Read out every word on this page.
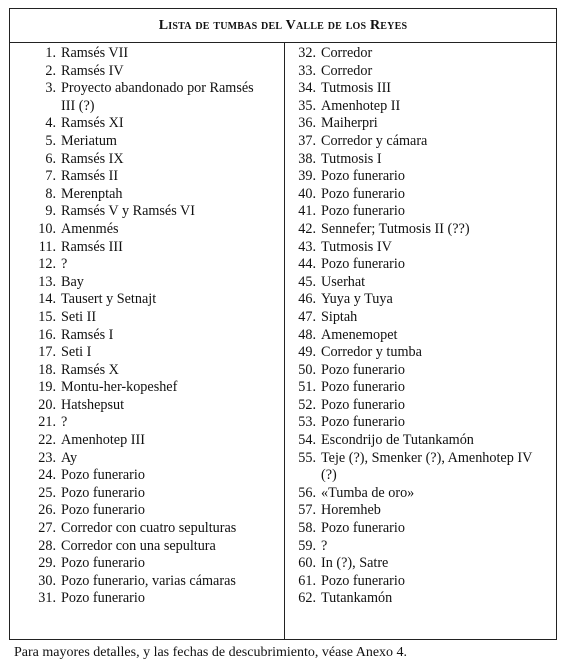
Lista de tumbas del Valle de los Reyes
1. Ramsés VII
2. Ramsés IV
3. Proyecto abandonado por Ramsés III (?)
4. Ramsés XI
5. Meriatum
6. Ramsés IX
7. Ramsés II
8. Merenptah
9. Ramsés V y Ramsés VI
10. Amenmés
11. Ramsés III
12. ?
13. Bay
14. Tausert y Setnajt
15. Seti II
16. Ramsés I
17. Seti I
18. Ramsés X
19. Montu-her-kopeshef
20. Hatshepsut
21. ?
22. Amenhotep III
23. Ay
24. Pozo funerario
25. Pozo funerario
26. Pozo funerario
27. Corredor con cuatro sepulturas
28. Corredor con una sepultura
29. Pozo funerario
30. Pozo funerario, varias cámaras
31. Pozo funerario
32. Corredor
33. Corredor
34. Tutmosis III
35. Amenhotep II
36. Maiherpri
37. Corredor y cámara
38. Tutmosis I
39. Pozo funerario
40. Pozo funerario
41. Pozo funerario
42. Sennefer; Tutmosis II (??)
43. Tutmosis IV
44. Pozo funerario
45. Userhat
46. Yuya y Tuya
47. Siptah
48. Amenemopet
49. Corredor y tumba
50. Pozo funerario
51. Pozo funerario
52. Pozo funerario
53. Pozo funerario
54. Escondrijo de Tutankamón
55. Teje (?), Smenker (?), Amenhotep IV (?)
56. «Tumba de oro»
57. Horemheb
58. Pozo funerario
59. ?
60. In (?), Satre
61. Pozo funerario
62. Tutankamón
Para mayores detalles, y las fechas de descubrimiento, véase Anexo 4.
